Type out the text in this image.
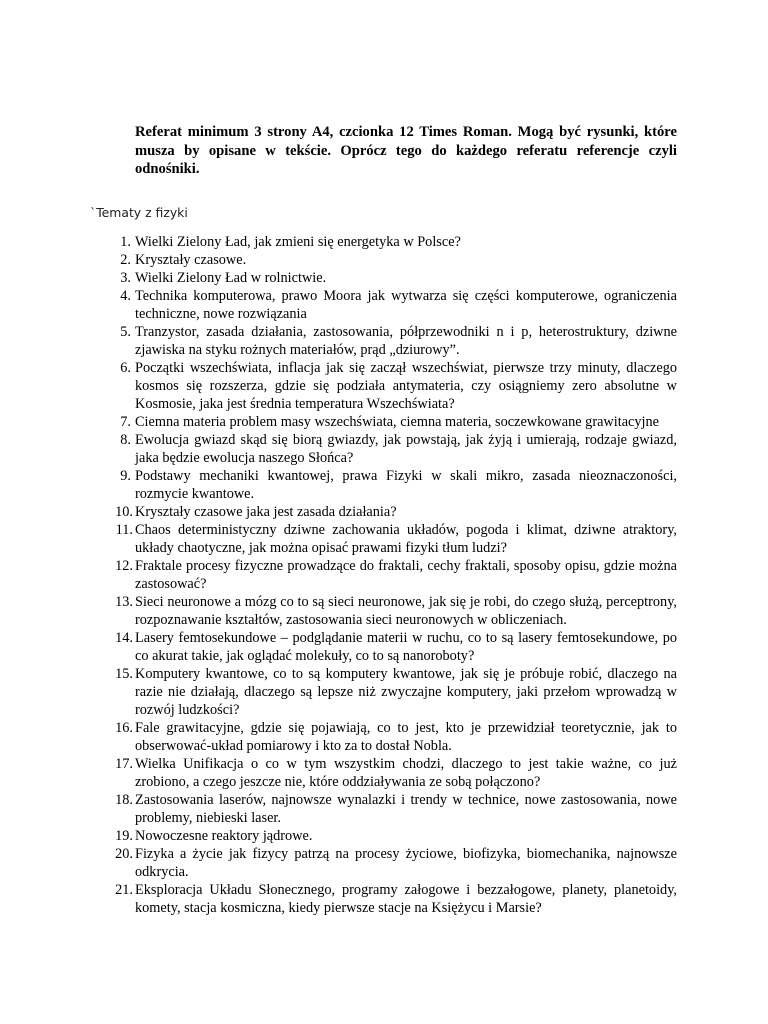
Referat minimum 3 strony A4, czcionka 12 Times Roman. Mogą być rysunki, które musza by opisane w tekście. Oprócz tego do każdego referatu referencje czyli odnośniki.

`Tematy z fizyki

1. Wielki Zielony Ład, jak zmieni się energetyka w Polsce?
2. Kryształy czasowe.
3. Wielki Zielony Ład w rolnictwie.
4. Technika komputerowa, prawo Moora jak wytwarza się części komputerowe, ograniczenia techniczne, nowe rozwiązania
5. Tranzystor, zasada działania, zastosowania, półprzewodniki n i p, heterostruktury, dziwne zjawiska na styku rożnych materiałów, prąd „dziurowy”.
6. Początki wszechświata, inflacja jak się zaczął wszechświat, pierwsze trzy minuty, dlaczego kosmos się rozszerza, gdzie się podziała antymateria, czy osiągniemy zero absolutne w Kosmosie, jaka jest średnia temperatura Wszechświata?
7. Ciemna materia problem masy wszechświata, ciemna materia, soczewkowane grawitacyjne
8. Ewolucja gwiazd skąd się biorą gwiazdy, jak powstają, jak żyją i umierają, rodzaje gwiazd, jaka będzie ewolucja naszego Słońca?
9. Podstawy mechaniki kwantowej, prawa Fizyki w skali mikro, zasada nieoznaczoności, rozmycie kwantowe.
10. Kryształy czasowe jaka jest zasada działania?
11. Chaos deterministyczny dziwne zachowania układów, pogoda i klimat, dziwne atraktory, układy chaotyczne, jak można opisać prawami fizyki tłum ludzi?
12. Fraktale procesy fizyczne prowadzące do fraktali, cechy fraktali, sposoby opisu, gdzie można zastosować?
13. Sieci neuronowe a mózg co to są sieci neuronowe, jak się je robi, do czego służą, perceptrony, rozpoznawanie kształtów, zastosowania sieci neuronowych w obliczeniach.
14. Lasery femtosekundowe – podglądanie materii w ruchu, co to są lasery femtosekundowe, po co akurat takie, jak oglądać molekuły, co to są nanoroboty?
15. Komputery kwantowe, co to są komputery kwantowe, jak się je próbuje robić, dlaczego na razie nie działają, dlaczego są lepsze niż zwyczajne komputery, jaki przełom wprowadzą w rozwój ludzkości?
16. Fale grawitacyjne, gdzie się pojawiają, co to jest, kto je przewidział teoretycznie, jak to obserwować-układ pomiarowy i kto za to dostał Nobla.
17. Wielka Unifikacja o co w tym wszystkim chodzi, dlaczego to jest takie ważne, co już zrobiono, a czego jeszcze nie, które oddziaływania ze sobą połączono?
18. Zastosowania laserów, najnowsze wynalazki i trendy w technice, nowe zastosowania, nowe problemy, niebieski laser.
19. Nowoczesne reaktory jądrowe.
20. Fizyka a życie jak fizycy patrzą na procesy życiowe, biofizyka, biomechanika, najnowsze odkrycia.
21. Eksploracja Układu Słonecznego, programy załogowe i bezzałogowe, planety, planetoidy, komety, stacja kosmiczna, kiedy pierwsze stacje na Księżycu i Marsie?
